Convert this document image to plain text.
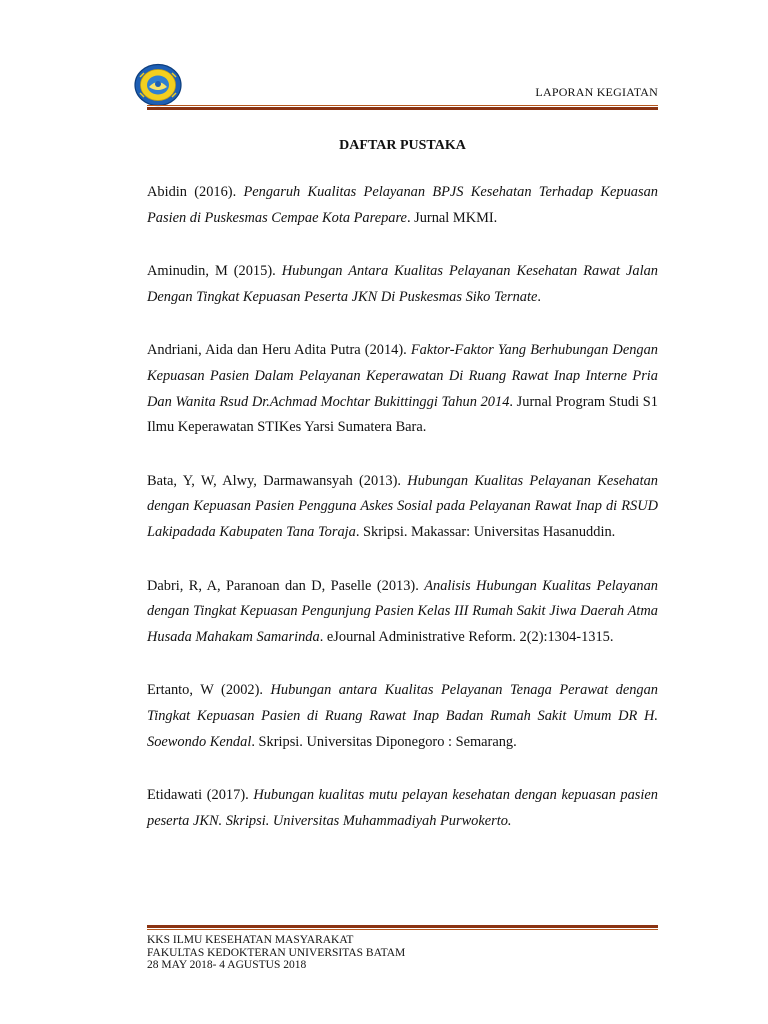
LAPORAN KEGIATAN
DAFTAR PUSTAKA
Abidin (2016). Pengaruh Kualitas Pelayanan BPJS Kesehatan Terhadap Kepuasan Pasien di Puskesmas Cempae Kota Parepare. Jurnal MKMI.
Aminudin, M (2015). Hubungan Antara Kualitas Pelayanan Kesehatan Rawat Jalan Dengan Tingkat Kepuasan Peserta JKN Di Puskesmas Siko Ternate.
Andriani, Aida dan Heru Adita Putra (2014). Faktor-Faktor Yang Berhubungan Dengan Kepuasan Pasien Dalam Pelayanan Keperawatan Di Ruang Rawat Inap Interne Pria Dan Wanita Rsud Dr.Achmad Mochtar Bukittinggi Tahun 2014. Jurnal Program Studi S1 Ilmu Keperawatan STIKes Yarsi Sumatera Bara.
Bata, Y, W, Alwy, Darmawansyah (2013). Hubungan Kualitas Pelayanan Kesehatan dengan Kepuasan Pasien Pengguna Askes Sosial pada Pelayanan Rawat Inap di RSUD Lakipadada Kabupaten Tana Toraja. Skripsi. Makassar: Universitas Hasanuddin.
Dabri, R, A, Paranoan dan D, Paselle (2013). Analisis Hubungan Kualitas Pelayanan dengan Tingkat Kepuasan Pengunjung Pasien Kelas III Rumah Sakit Jiwa Daerah Atma Husada Mahakam Samarinda. eJournal Administrative Reform. 2(2):1304-1315.
Ertanto, W (2002). Hubungan antara Kualitas Pelayanan Tenaga Perawat dengan Tingkat Kepuasan Pasien di Ruang Rawat Inap Badan Rumah Sakit Umum DR H. Soewondo Kendal. Skripsi. Universitas Diponegoro : Semarang.
Etidawati (2017). Hubungan kualitas mutu pelayan kesehatan dengan kepuasan pasien peserta JKN. Skripsi. Universitas Muhammadiyah Purwokerto.
KKS ILMU KESEHATAN MASYARAKAT
FAKULTAS KEDOKTERAN UNIVERSITAS BATAM
28 MAY 2018- 4 AGUSTUS 2018
